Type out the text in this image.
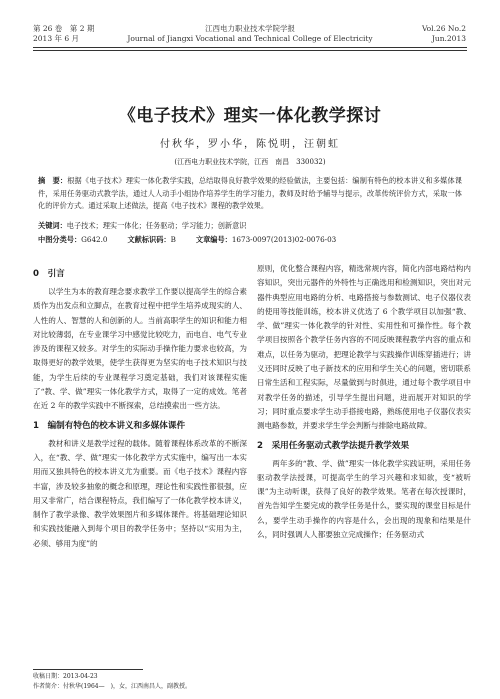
第 26 卷　第 2 期
2013 年 6 月
江西电力职业技术学院学报
Journal of Jiangxi Vocational and Technical College of Electricity
Vol.26 No.2
Jun.2013
《电子技术》理实一体化教学探讨
付秋华，罗小华，陈悦明，汪朝虹
(江西电力职业技术学院，江西　南昌　330032)
摘　要：根据《电子技术》理实一体化教学实践，总结取得良好教学效果的经验做法，主要包括：编制有特色的校本讲义和多媒体课件，采用任务驱动式教学法，通过人人动手小组协作培养学生的学习能力，教师及时给予辅导与提示，改革传统评价方式，采取一体化的评价方式。通过采取上述做法，提高《电子技术》课程的教学效果。
关键词：电子技术；理实一体化；任务驱动；学习能力；创新意识
中图分类号：G642.0	文献标识码：B	文章编号：1673-0097(2013)02-0076-03
0　引言

以学生为本的教育理念要求教学工作要以提高学生的综合素质作为出发点和立脚点，在教育过程中把学生培养成现实的人、人性的人、智慧的人和创新的人。当前高职学生的知识和能力相对比较薄弱，在专业课学习中感觉比较吃力，而电自、电气专业涉及的课程又较多。对学生的实际动手操作能力要求也较高，为取得更好的教学效果，使学生获得更为坚实的电子技术知识与技能，为学生后续的专业课程学习奠定基础，我们对该课程实施了“教、学、做”理实一体化教学方式，取得了一定的成效。笔者在近 2 年的教学实践中不断探索，总结摸索出一些方法。

1　编制有特色的校本讲义和多媒体课件

教材和讲义是教学过程的载体。随着课程体系改革的不断深入，在“教、学、做”理实一体化教学方式实施中，编写出一本实用而又独具特色的校本讲义尤为重要。而《电子技术》课程内容丰富，涉及较多抽象的概念和原理，理论性和实践性都很强，应用又非常广，结合课程特点，我们编写了一体化教学校本讲义，制作了教学录像、教学效果图片和多媒体课件。将基础理论知识和实践技能融入到每个项目的教学任务中；坚持以“实用为主，必须、够用为度”的

原则，优化整合课程内容，精选常规内容，简化内部电路结构内容知识，突出元器件的外特性与正确选用和检测知识，突出对元器件典型应用电路的分析、电路搭接与参数测试、电子仪器仪表的使用等技能训练，校本讲义优选了 6 个教学项目以加强“教、学、做”理实一体化教学的针对性、实用性和可操作性。每个教学项目按照各个教学任务内容的不同反映课程教学内容的重点和难点，以任务为驱动，把理论教学与实践操作训练穿插进行；讲义还同时反映了电子新技术的应用和学生关心的问题，密切联系日常生活和工程实际，尽量做到与时俱进，通过每个教学项目中对教学任务的描述，引导学生提出问题，进而展开对知识的学习；同时重点要求学生动手搭接电路，熟练使用电子仪器仪表实测电路参数，并要求学生学会判断与排除电路故障。

2　采用任务驱动式教学法提升教学效果

两年多的“教、学、做”理实一体化教学实践证明，采用任务驱动教学法授课，可提高学生的学习兴趣和求知欲，变“被听课”为主动听课，获得了良好的教学效果。笔者在每次授课时，首先告知学生要完成的教学任务是什么，要实现的课堂目标是什么，要学生动手操作的内容是什么，会出现的现象和结果是什么，同时强调人人都要独立完成操作；任务驱动式

收稿日期：2013-04-23
作者简介：付秋华(1964—　)，女，江西南昌人，副教授。
